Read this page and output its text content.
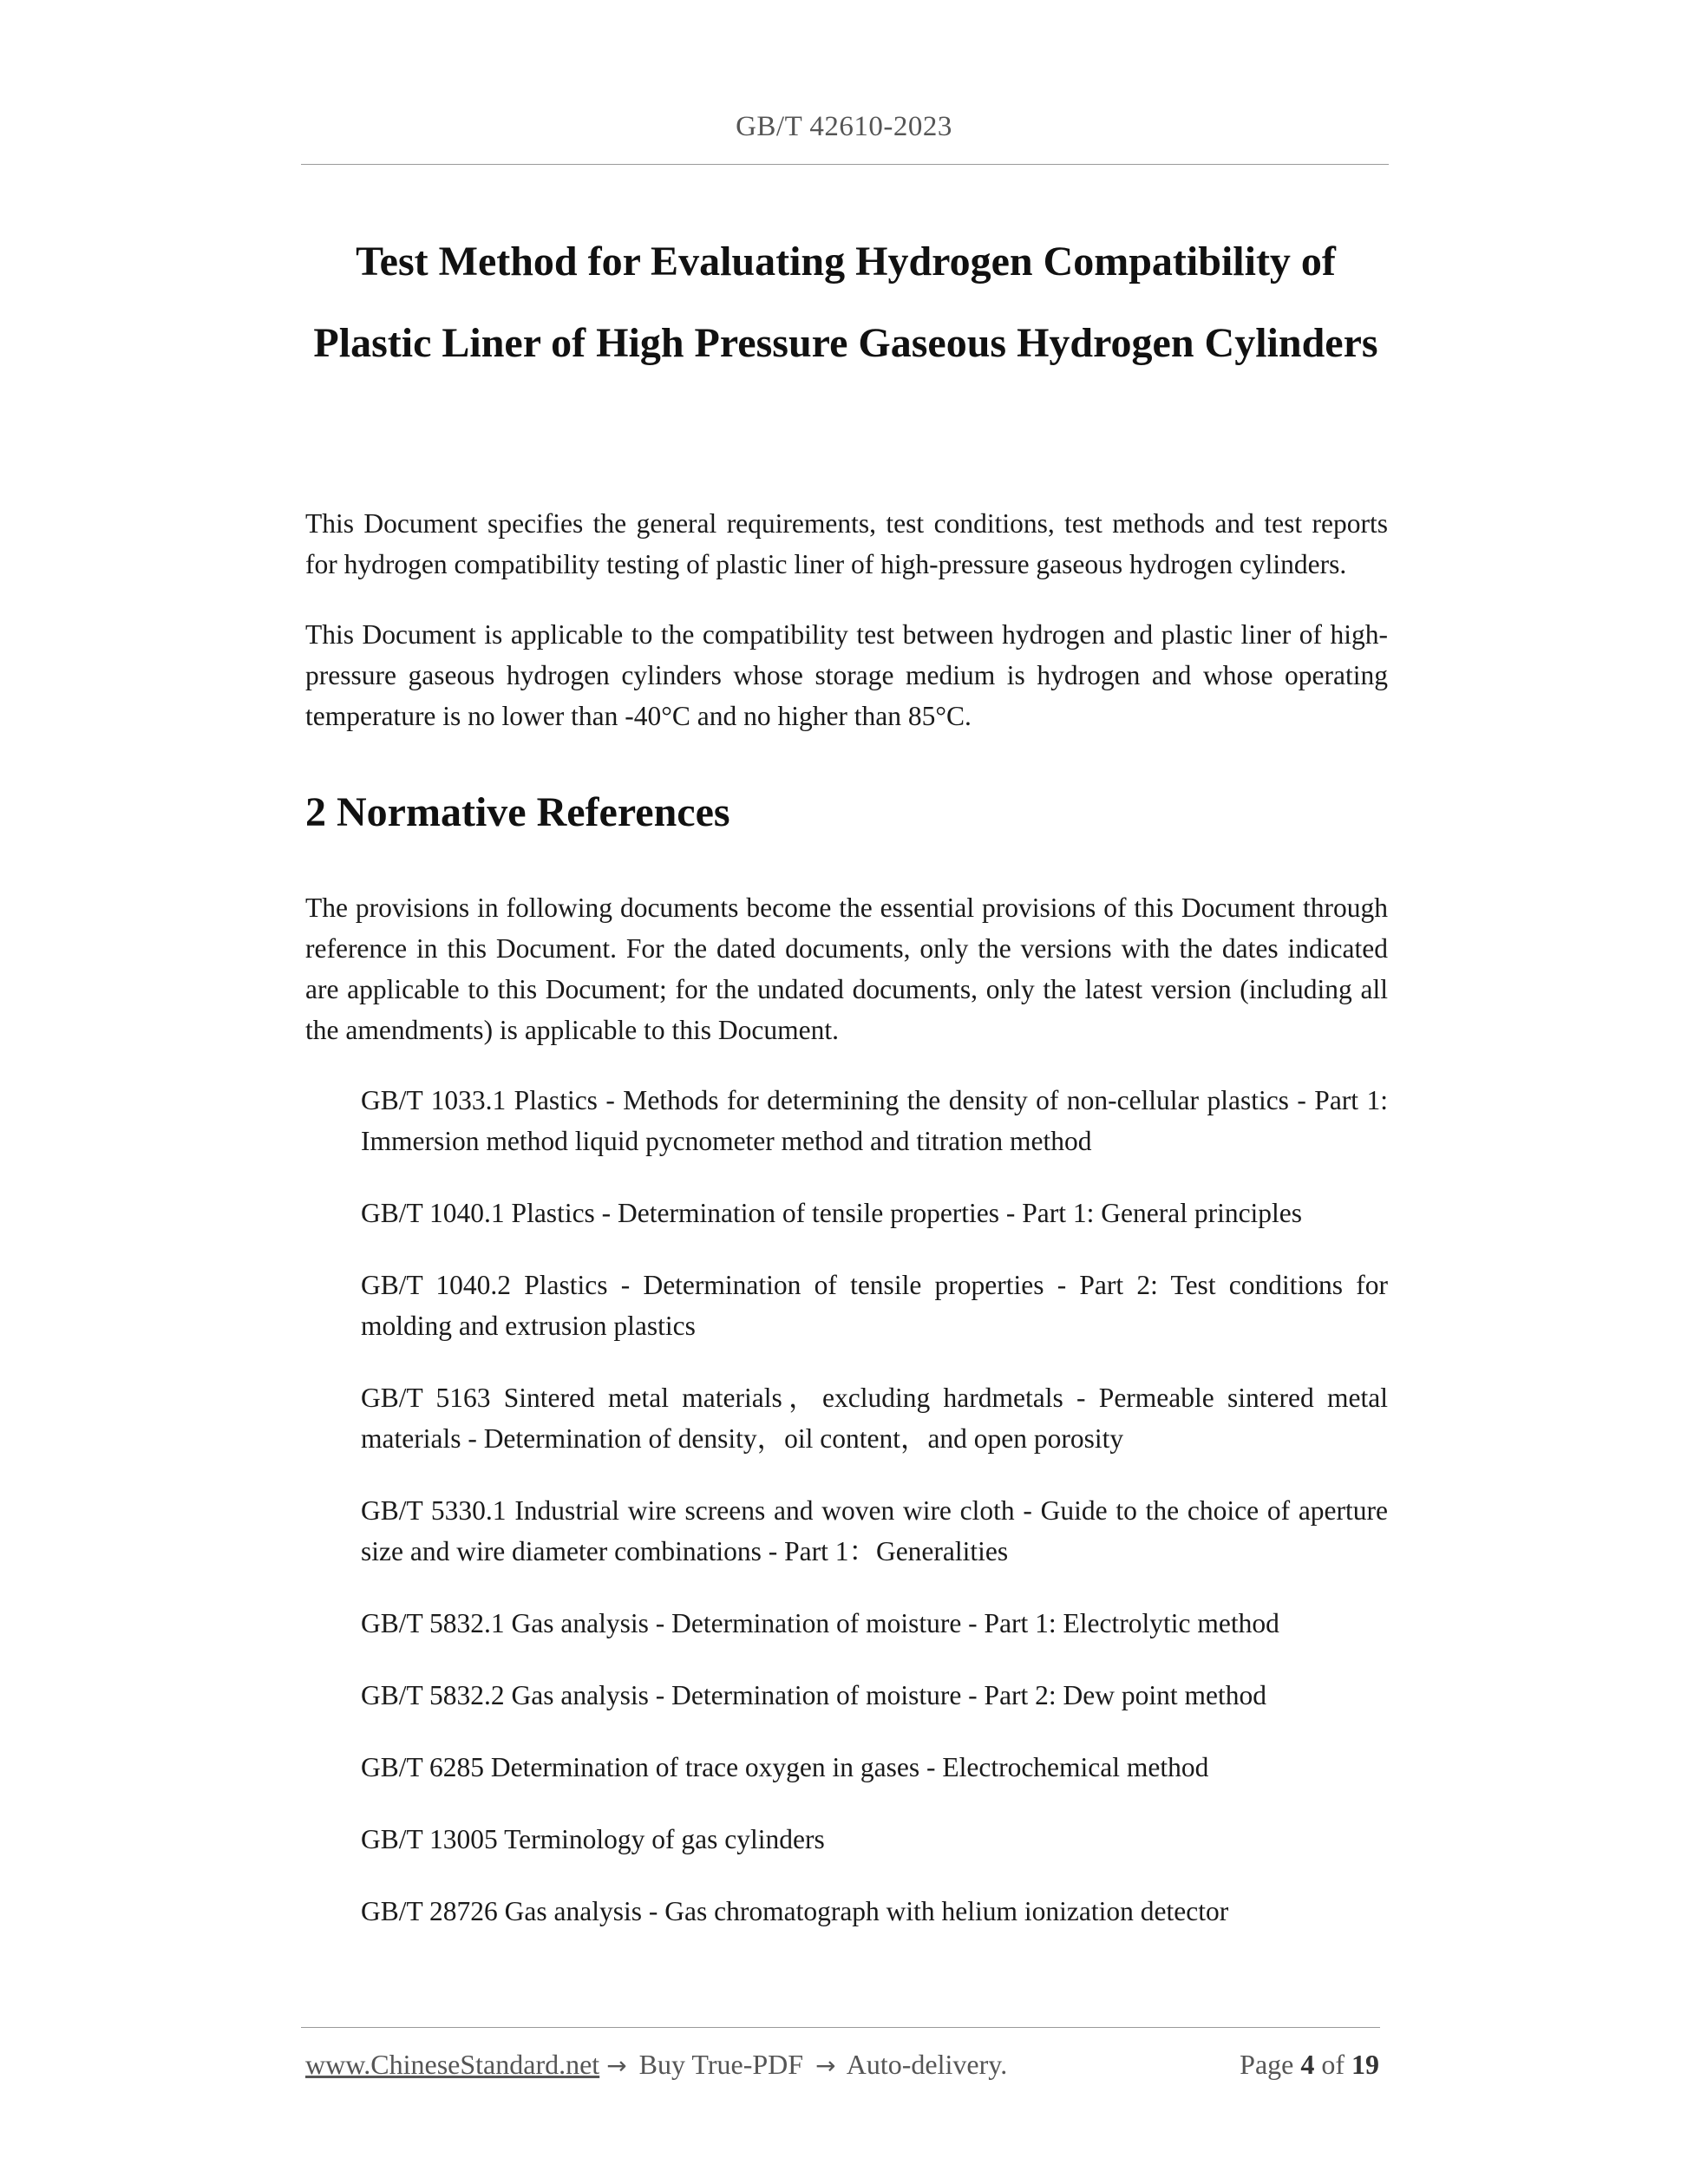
GB/T 42610-2023
Test Method for Evaluating Hydrogen Compatibility of
Plastic Liner of High Pressure Gaseous Hydrogen Cylinders

This Document specifies the general requirements, test conditions, test methods and test reports for hydrogen compatibility testing of plastic liner of high-pressure gaseous hydrogen cylinders.

This Document is applicable to the compatibility test between hydrogen and plastic liner of high-pressure gaseous hydrogen cylinders whose storage medium is hydrogen and whose operating temperature is no lower than -40°C and no higher than 85°C.

2 Normative References

The provisions in following documents become the essential provisions of this Document through reference in this Document. For the dated documents, only the versions with the dates indicated are applicable to this Document; for the undated documents, only the latest version (including all the amendments) is applicable to this Document.

GB/T 1033.1 Plastics - Methods for determining the density of non-cellular plastics - Part 1: Immersion method liquid pycnometer method and titration method
GB/T 1040.1 Plastics - Determination of tensile properties - Part 1: General principles
GB/T 1040.2 Plastics - Determination of tensile properties - Part 2: Test conditions for molding and extrusion plastics
GB/T 5163 Sintered metal materials，excluding hardmetals - Permeable sintered metal materials - Determination of density，oil content，and open porosity
GB/T 5330.1 Industrial wire screens and woven wire cloth - Guide to the choice of aperture size and wire diameter combinations - Part 1：Generalities
GB/T 5832.1 Gas analysis - Determination of moisture - Part 1: Electrolytic method
GB/T 5832.2 Gas analysis - Determination of moisture - Part 2: Dew point method
GB/T 6285 Determination of trace oxygen in gases - Electrochemical method
GB/T 13005 Terminology of gas cylinders
GB/T 28726 Gas analysis - Gas chromatograph with helium ionization detector
www.ChineseStandard.net → Buy True-PDF → Auto-delivery.	Page 4 of 19
